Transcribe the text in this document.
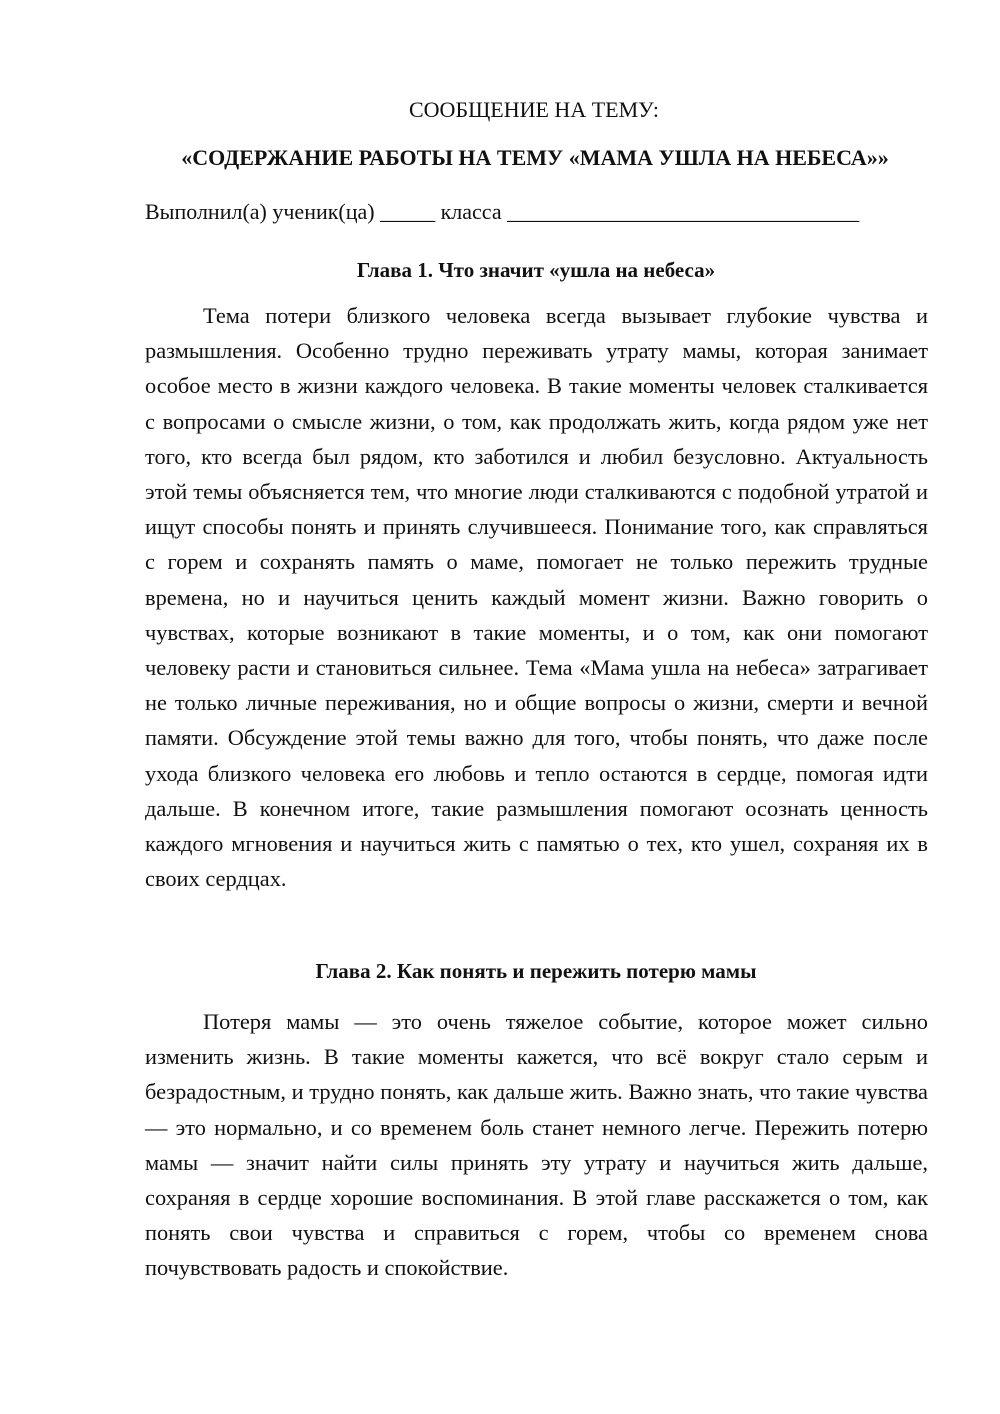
СООБЩЕНИЕ НА ТЕМУ:
«СОДЕРЖАНИЕ РАБОТЫ НА ТЕМУ «МАМА УШЛА НА НЕБЕСА»»
Выполнил(а) ученик(ца) _____ класса ________________________________
Глава 1. Что значит «ушла на небеса»

Тема потери близкого человека всегда вызывает глубокие чувства и размышления. Особенно трудно переживать утрату мамы, которая занимает особое место в жизни каждого человека. В такие моменты человек сталкивается с вопросами о смысле жизни, о том, как продолжать жить, когда рядом уже нет того, кто всегда был рядом, кто заботился и любил безусловно. Актуальность этой темы объясняется тем, что многие люди сталкиваются с подобной утратой и ищут способы понять и принять случившееся. Понимание того, как справляться с горем и сохранять память о маме, помогает не только пережить трудные времена, но и научиться ценить каждый момент жизни. Важно говорить о чувствах, которые возникают в такие моменты, и о том, как они помогают человеку расти и становиться сильнее. Тема «Мама ушла на небеса» затрагивает не только личные переживания, но и общие вопросы о жизни, смерти и вечной памяти. Обсуждение этой темы важно для того, чтобы понять, что даже после ухода близкого человека его любовь и тепло остаются в сердце, помогая идти дальше. В конечном итоге, такие размышления помогают осознать ценность каждого мгновения и научиться жить с памятью о тех, кто ушел, сохраняя их в своих сердцах.

Глава 2. Как понять и пережить потерю мамы

Потеря мамы — это очень тяжелое событие, которое может сильно изменить жизнь. В такие моменты кажется, что всё вокруг стало серым и безрадостным, и трудно понять, как дальше жить. Важно знать, что такие чувства — это нормально, и со временем боль станет немного легче. Пережить потерю мамы — значит найти силы принять эту утрату и научиться жить дальше, сохраняя в сердце хорошие воспоминания. В этой главе расскажется о том, как понять свои чувства и справиться с горем, чтобы со временем снова почувствовать радость и спокойствие.
